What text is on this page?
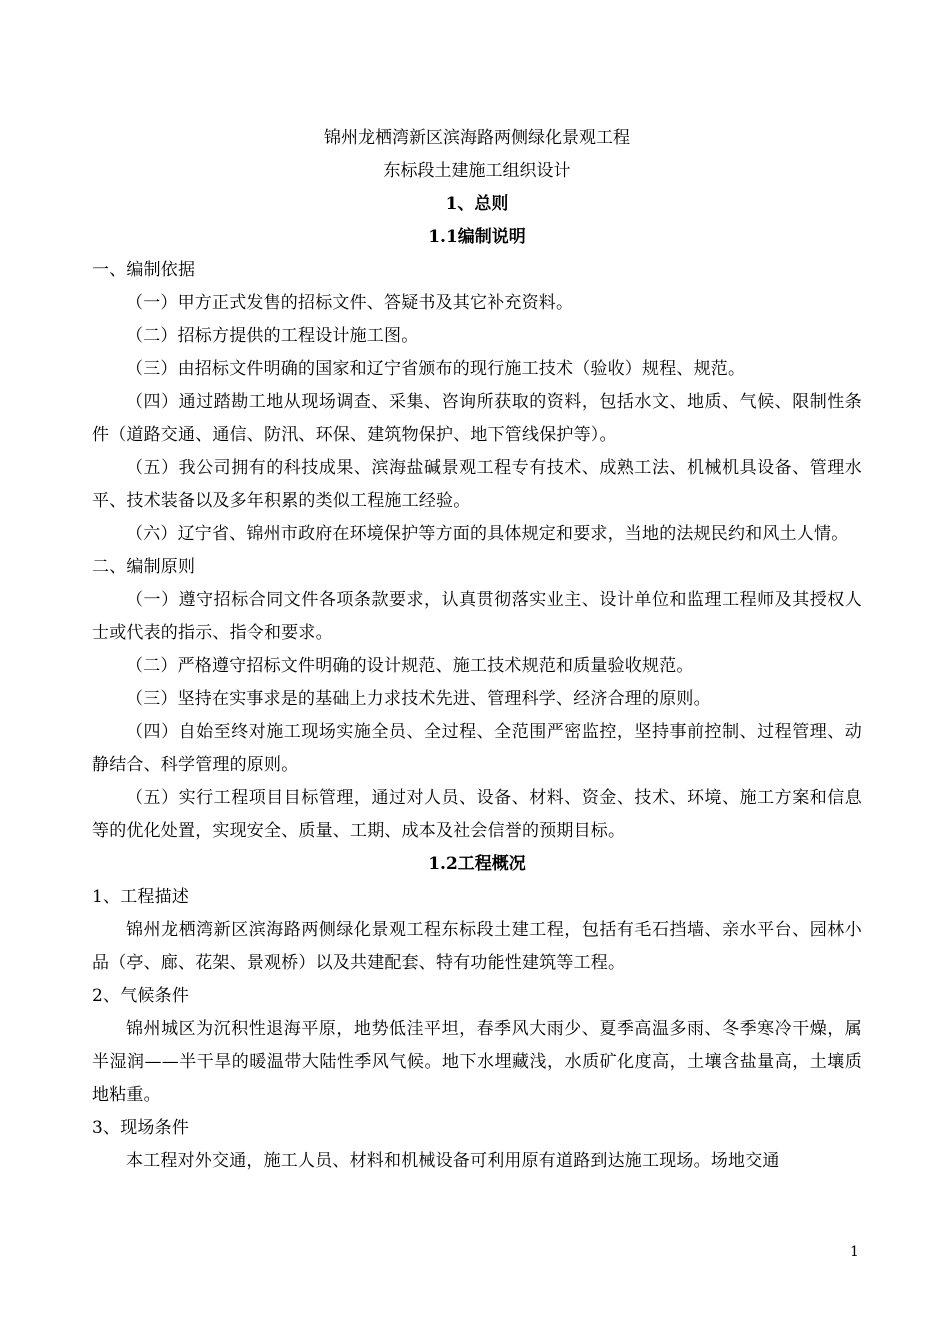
锦州龙栖湾新区滨海路两侧绿化景观工程

东标段土建施工组织设计

1、总则

1.1编制说明

一、编制依据

（一）甲方正式发售的招标文件、答疑书及其它补充资料。

（二）招标方提供的工程设计施工图。

（三）由招标文件明确的国家和辽宁省颁布的现行施工技术（验收）规程、规范。

（四）通过踏勘工地从现场调查、采集、咨询所获取的资料，包括水文、地质、气候、限制性条件（道路交通、通信、防汛、环保、建筑物保护、地下管线保护等）。

（五）我公司拥有的科技成果、滨海盐碱景观工程专有技术、成熟工法、机械机具设备、管理水平、技术装备以及多年积累的类似工程施工经验。

（六）辽宁省、锦州市政府在环境保护等方面的具体规定和要求，当地的法规民约和风土人情。

二、编制原则

（一）遵守招标合同文件各项条款要求，认真贯彻落实业主、设计单位和监理工程师及其授权人士或代表的指示、指令和要求。

（二）严格遵守招标文件明确的设计规范、施工技术规范和质量验收规范。

（三）坚持在实事求是的基础上力求技术先进、管理科学、经济合理的原则。

（四）自始至终对施工现场实施全员、全过程、全范围严密监控，坚持事前控制、过程管理、动静结合、科学管理的原则。

（五）实行工程项目目标管理，通过对人员、设备、材料、资金、技术、环境、施工方案和信息等的优化处置，实现安全、质量、工期、成本及社会信誉的预期目标。

1.2工程概况

1、工程描述

锦州龙栖湾新区滨海路两侧绿化景观工程东标段土建工程，包括有毛石挡墙、亲水平台、园林小品（亭、廊、花架、景观桥）以及共建配套、特有功能性建筑等工程。

2、气候条件

锦州城区为沉积性退海平原，地势低洼平坦，春季风大雨少、夏季高温多雨、冬季寒冷干燥，属半湿润——半干旱的暖温带大陆性季风气候。地下水埋藏浅，水质矿化度高，土壤含盐量高，土壤质地粘重。

3、现场条件

本工程对外交通，施工人员、材料和机械设备可利用原有道路到达施工现场。场地交通

1
